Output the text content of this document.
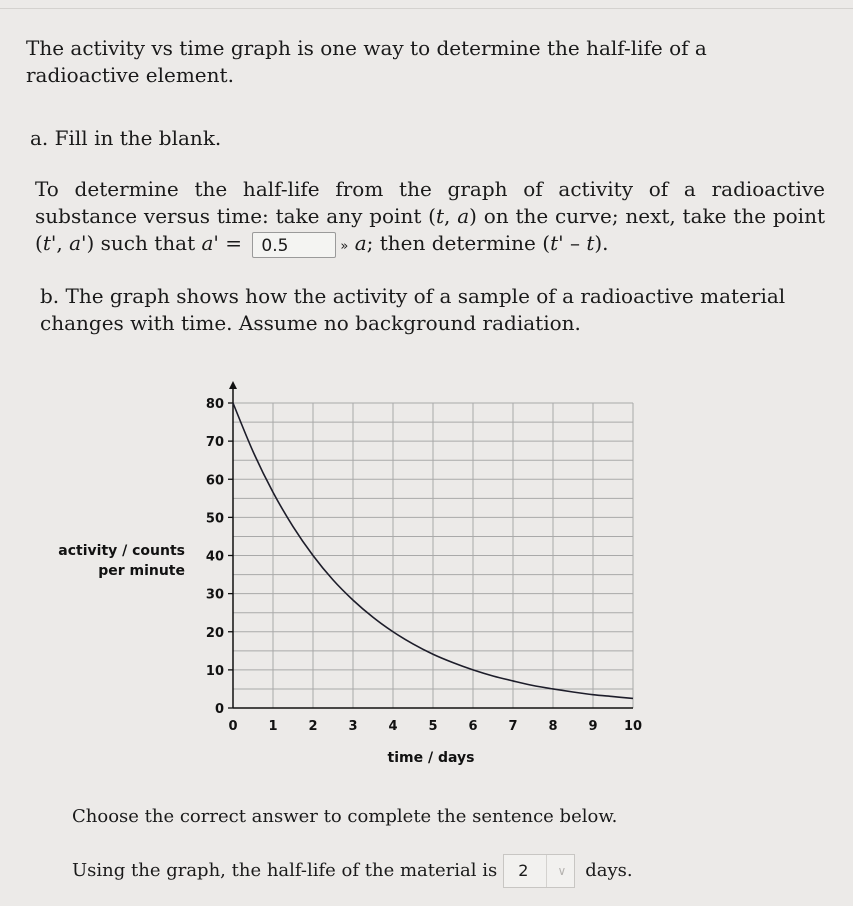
The activity vs time graph is one way to determine the half-life of a radioactive element.

a. Fill in the blank.

To determine the half-life from the graph of activity of a radioactive substance versus time: take any point (t, a) on the curve; next, take the point (t', a') such that a' = 0.5	» a; then determine (t' – t).

b. The graph shows how the activity of a sample of a radioactive material changes with time. Assume no background radiation.

0
10
20
30
40
50
60
70
80
0 1 2 3 4 5 6 7 8 9 10
activity / counts
per minute
time / days

Choose the correct answer to complete the sentence below.

Using the graph, the half-life of the material is 2	∨ days.
